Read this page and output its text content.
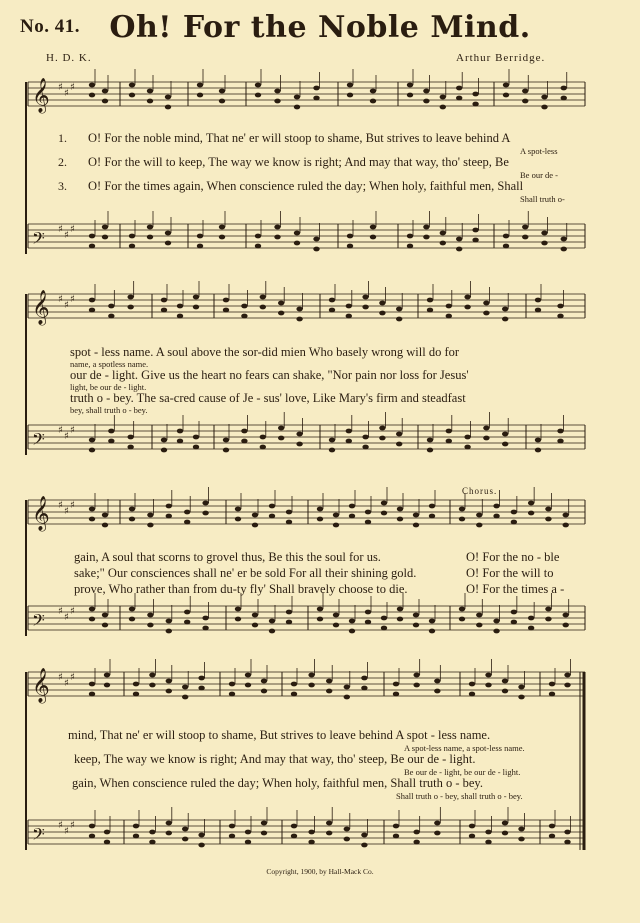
No. 41. Oh! For the Noble Mind.
H. D. K.	Arthur Berridge.
𝄞 ♯
♯
♯
𝄢 ♯
♯
♯
𝄞 ♯
♯
♯
𝄢 ♯
♯
♯
𝄞 ♯
♯
♯
𝄢 ♯
♯
♯
𝄞 ♯
♯
♯
𝄢 ♯
♯
♯
1. O! For the noble mind, That ne' er will stoop to shame, But strives to leave behind A
A spot-less
2. O! For the will to keep, The way we know is right; And may that way, tho' steep, Be
Be our de -
3. O! For the times again, When conscience ruled the day; When holy, faithful men, Shall
Shall truth o-
spot - less name. A soul above the sor-did mien Who basely wrong will do for
name, a spotless name.
our de - light. Give us the heart no fears can shake, "Nor pain nor loss for Jesus'
light, be our de - light.
truth o - bey. The sa-cred cause of Je - sus' love, Like Mary's firm and steadfast
bey, shall truth o - bey.
Chorus.
gain, A soul that scorns to grovel thus, Be this the soul for us.	O! For the no - ble
sake;" Our consciences shall ne' er be sold For all their shining gold.	O! For the will to
prove, Who rather than from du-ty fly' Shall bravely choose to die.	O! For the times a -
mind, That ne' er will stoop to shame, But strives to leave behind A spot - less name.
A spot-less name, a spot-less name.
keep, The way we know is right; And may that way, tho' steep, Be our de - light.
Be our de - light, be our de - light.
gain, When conscience ruled the day; When holy, faithful men, Shall truth o - bey.
Shall truth o - bey, shall truth o - bey.
Copyright, 1900, by Hall-Mack Co.
